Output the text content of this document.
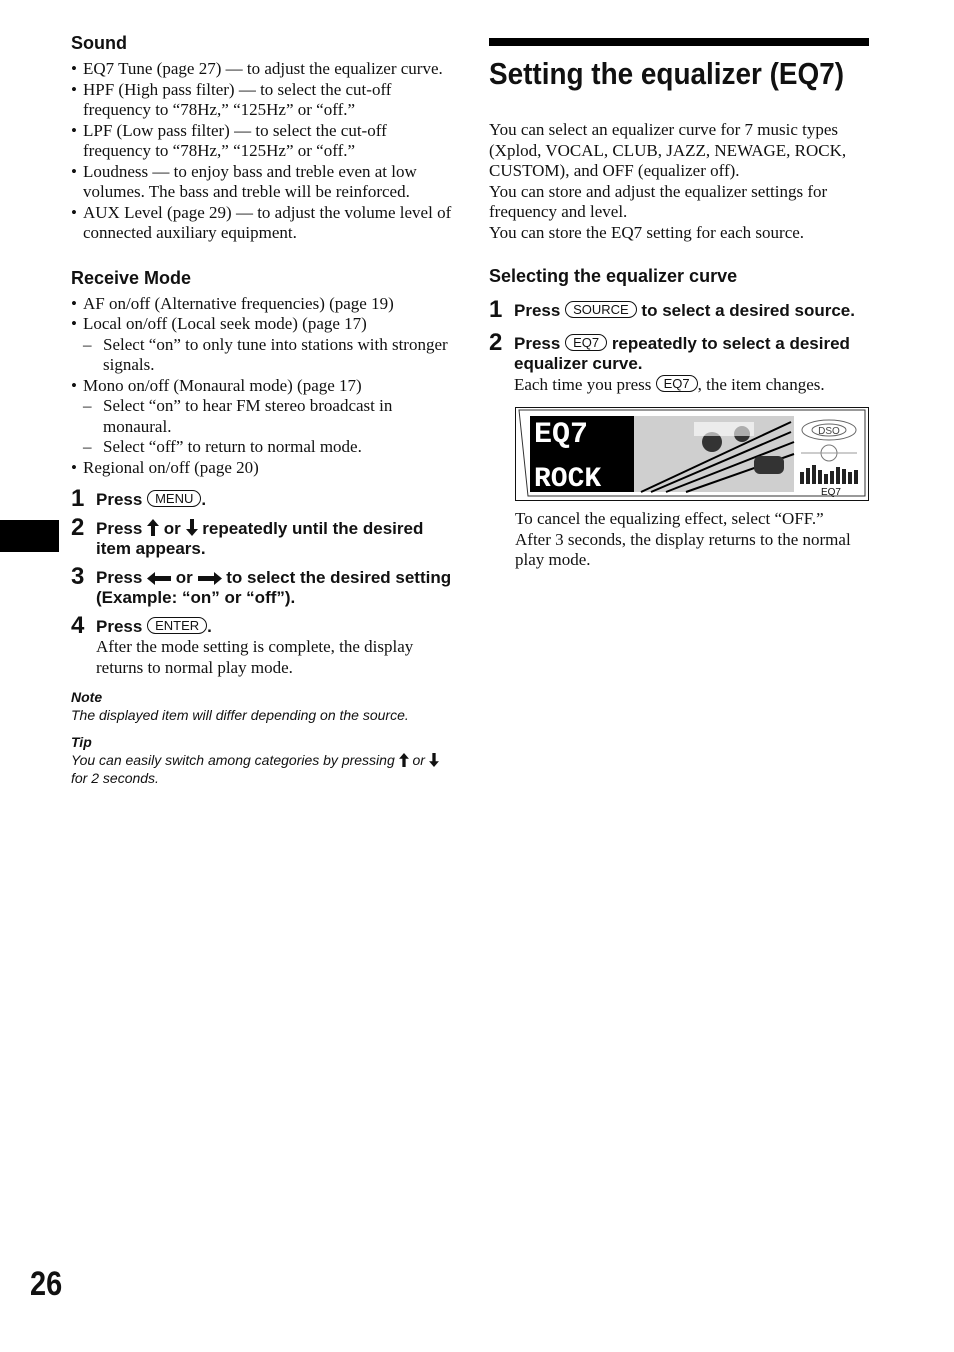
Sound
• EQ7 Tune (page 27) — to adjust the equalizer curve.
• HPF (High pass filter) — to select the cut-off frequency to “78Hz,” “125Hz” or “off.”
• LPF (Low pass filter) — to select the cut-off frequency to “78Hz,” “125Hz” or “off.”
• Loudness — to enjoy bass and treble even at low volumes. The bass and treble will be reinforced.
• AUX Level (page 29) — to adjust the volume level of connected auxiliary equipment.
Receive Mode
• AF on/off (Alternative frequencies) (page 19)
• Local on/off (Local seek mode) (page 17)
– Select “on” to only tune into stations with stronger signals.
• Mono on/off (Monaural mode) (page 17)
– Select “on” to hear FM stereo broadcast in monaural.
– Select “off” to return to normal mode.
• Regional on/off (page 20)
1 Press MENU .
2 Press or repeatedly until the desired item appears.
3 Press or to select the desired setting (Example: “on” or “off”).
4 Press ENTER .
After the mode setting is complete, the display returns to normal play mode.
Note
The displayed item will differ depending on the source.
Tip
You can easily switch among categories by pressing or  for 2 seconds.
Setting the equalizer (EQ7)

You can select an equalizer curve for 7 music types (Xplod, VOCAL, CLUB, JAZZ, NEWAGE, ROCK, CUSTOM), and OFF (equalizer off).

You can store and adjust the equalizer settings for frequency and level.

You can store the EQ7 setting for each source.

Selecting the equalizer curve
1 Press SOURCE to select a desired source.
2 Press EQ7 repeatedly to select a desired equalizer curve.
Each time you press EQ7 , the item changes.
EQ7
ROCK
DSO
EQ7

To cancel the equalizing effect, select “OFF.”

After 3 seconds, the display returns to the normal play mode.

26
